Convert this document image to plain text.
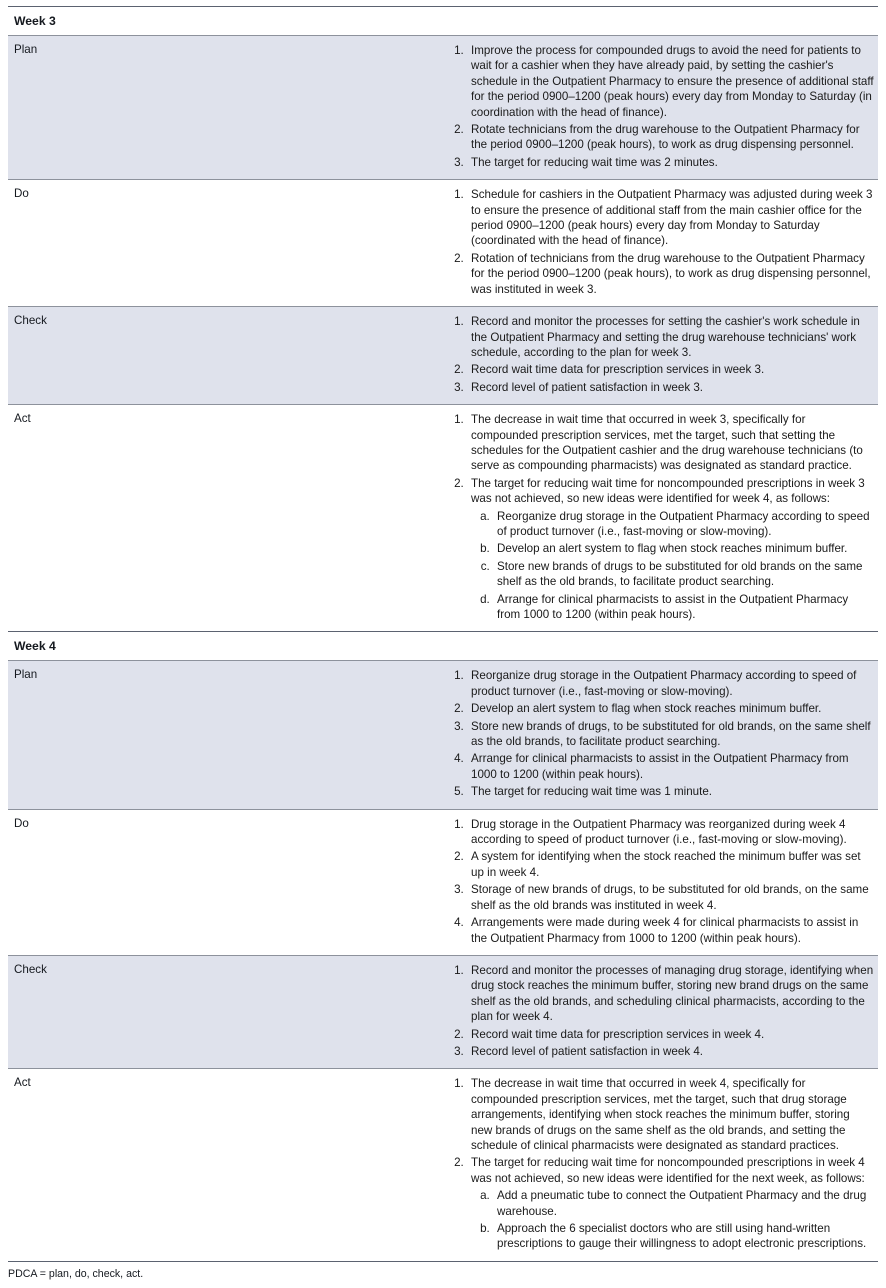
Week 3	
Plan	
1.Improve the process for compounded drugs to avoid the need for patients to wait for a cashier when they have already paid, by setting the cashier's schedule in the Outpatient Pharmacy to ensure the presence of additional staff for the period 0900–1200 (peak hours) every day from Monday to Saturday (in coordination with the head of finance).
2. Rotate technicians from the drug warehouse to the Outpatient Pharmacy for the period 0900–1200 (peak hours), to work as drug dispensing personnel.
3. The target for reducing wait time was 2 minutes.

Do	
1.Schedule for cashiers in the Outpatient Pharmacy was adjusted during week 3 to ensure the presence of additional staff from the main cashier office for the period 0900–1200 (peak hours) every day from Monday to Saturday (coordinated with the head of finance).
2. Rotation of technicians from the drug warehouse to the Outpatient Pharmacy for the period 0900–1200 (peak hours), to work as drug dispensing personnel, was instituted in week 3.

Check	
1.Record and monitor the processes for setting the cashier's work schedule in the Outpatient Pharmacy and setting the drug warehouse technicians' work schedule, according to the plan for week 3.
2. Record wait time data for prescription services in week 3.
3. Record level of patient satisfaction in week 3.

Act	
1.The decrease in wait time that occurred in week 3, specifically for compounded prescription services, met the target, such that setting the schedules for the Outpatient cashier and the drug warehouse technicians (to serve as compounding pharmacists) was designated as standard practice.
2. The target for reducing wait time for noncompounded prescriptions in week 3 was not achieved, so new ideas were identified for week 4, as follows:
a. Reorganize drug storage in the Outpatient Pharmacy according to speed of product turnover (i.e., fast-moving or slow-moving).
b. Develop an alert system to flag when stock reaches minimum buffer.
c. Store new brands of drugs to be substituted for old brands on the same shelf as the old brands, to facilitate product searching.
d. Arrange for clinical pharmacists to assist in the Outpatient Pharmacy from 1000 to 1200 (within peak hours).

Week 4	
Plan	
1.Reorganize drug storage in the Outpatient Pharmacy according to speed of product turnover (i.e., fast-moving or slow-moving).
2. Develop an alert system to flag when stock reaches minimum buffer.
3. Store new brands of drugs, to be substituted for old brands, on the same shelf as the old brands, to facilitate product searching.
4. Arrange for clinical pharmacists to assist in the Outpatient Pharmacy from 1000 to 1200 (within peak hours).
5. The target for reducing wait time was 1 minute.

Do	
1.Drug storage in the Outpatient Pharmacy was reorganized during week 4 according to speed of product turnover (i.e., fast-moving or slow-moving).
2. A system for identifying when the stock reached the minimum buffer was set up in week 4.
3. Storage of new brands of drugs, to be substituted for old brands, on the same shelf as the old brands was instituted in week 4.
4. Arrangements were made during week 4 for clinical pharmacists to assist in the Outpatient Pharmacy from 1000 to 1200 (within peak hours).

Check	
1.Record and monitor the processes of managing drug storage, identifying when drug stock reaches the minimum buffer, storing new brand drugs on the same shelf as the old brands, and scheduling clinical pharmacists, according to the plan for week 4.
2. Record wait time data for prescription services in week 4.
3. Record level of patient satisfaction in week 4.

Act	
1.The decrease in wait time that occurred in week 4, specifically for compounded prescription services, met the target, such that drug storage arrangements, identifying when stock reaches the minimum buffer, storing new brands of drugs on the same shelf as the old brands, and setting the schedule of clinical pharmacists were designated as standard practices.
2. The target for reducing wait time for noncompounded prescriptions in week 4 was not achieved, so new ideas were identified for the next week, as follows:
a. Add a pneumatic tube to connect the Outpatient Pharmacy and the drug warehouse.
b. Approach the 6 specialist doctors who are still using hand-written prescriptions to gauge their willingness to adopt electronic prescriptions.
PDCA = plan, do, check, act.
